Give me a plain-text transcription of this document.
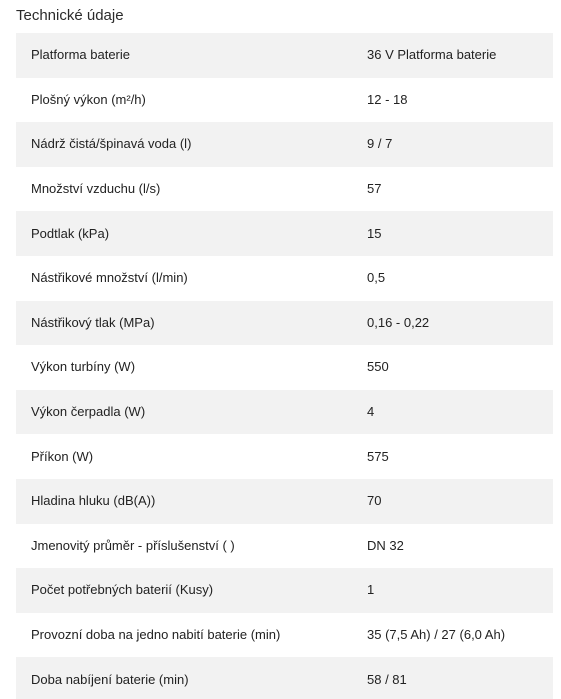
Technické údaje
Platforma baterie	36 V Platforma baterie
Plošný výkon (m²/h)	12 - 18
Nádrž čistá/špinavá voda (l)	9 / 7
Množství vzduchu (l/s)	57
Podtlak (kPa)	15
Nástřikové množství (l/min)	0,5
Nástřikový tlak (MPa)	0,16 - 0,22
Výkon turbíny (W)	550
Výkon čerpadla (W)	4
Příkon (W)	575
Hladina hluku (dB(A))	70
Jmenovitý průměr - příslušenství ( )	DN 32
Počet potřebných baterií (Kusy)	1
Provozní doba na jedno nabití baterie (min)	35 (7,5 Ah) / 27 (6,0 Ah)
Doba nabíjení baterie (min)	58 / 81
